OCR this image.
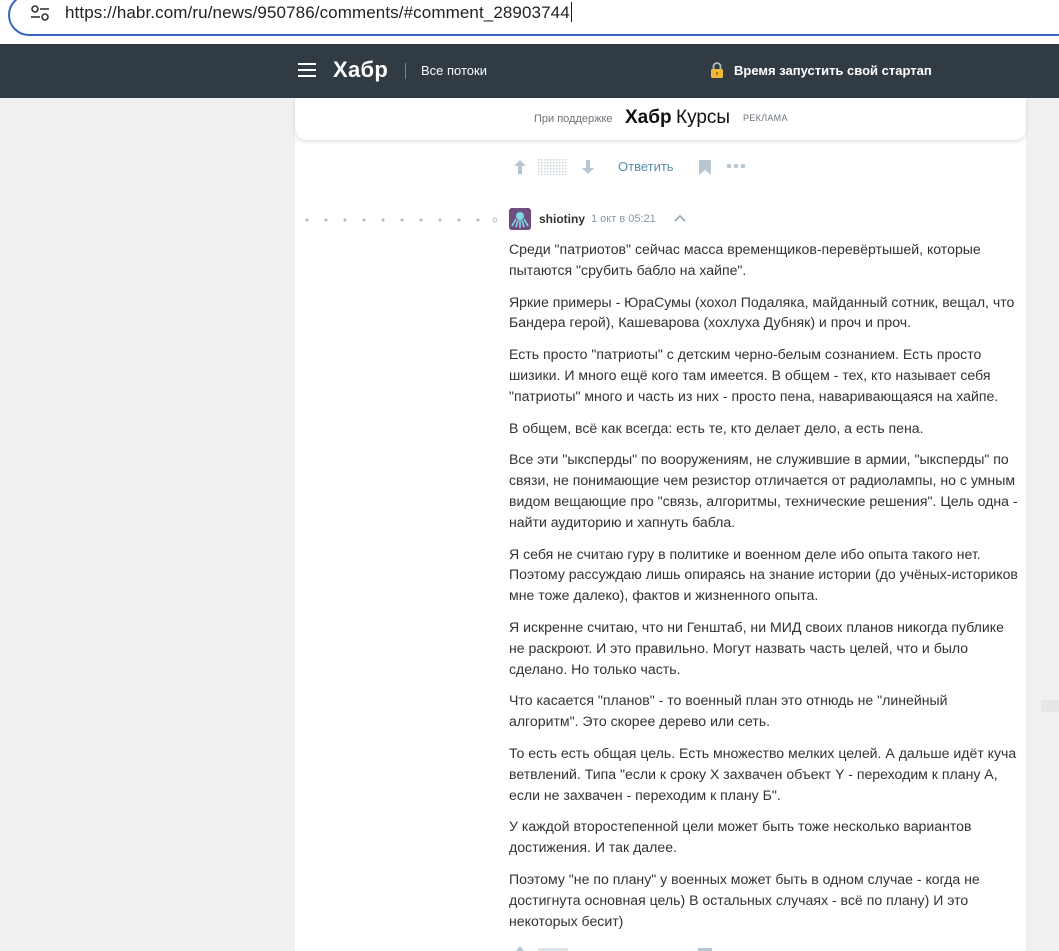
https://habr.com/ru/news/950786/comments/#comment_28903744
Хабр	Все потоки	Время запустить свой стартап
При поддержке Хабр Курсы РЕКЛАМА
Ответить
shiotiny 1 окт в 05:21

Среди "патриотов" сейчас масса временщиков-перевёртышей, которые пытаются "срубить бабло на хайпе".

Яркие примеры - ЮраСумы (хохол Подаляка, майданный сотник, вещал, что Бандера герой), Кашеварова (хохлуха Дубняк) и проч и проч.

Есть просто "патриоты" с детским черно-белым сознанием. Есть просто шизики. И много ещё кого там имеется. В общем - тех, кто называет себя "патриоты" много и часть из них - просто пена, наваривающаяся на хайпе.

В общем, всё как всегда: есть те, кто делает дело, а есть пена.

Все эти "ыксперды" по вооружениям, не служившие в армии, "ыксперды" по связи, не понимающие чем резистор отличается от радиолампы, но с умным видом вещающие про "связь, алгоритмы, технические решения". Цель одна - найти аудиторию и хапнуть бабла.

Я себя не считаю гуру в политике и военном деле ибо опыта такого нет. Поэтому рассуждаю лишь опираясь на знание истории (до учёных-историков мне тоже далеко), фактов и жизненного опыта.

Я искренне считаю, что ни Генштаб, ни МИД своих планов никогда публике не раскроют. И это правильно. Могут назвать часть целей, что и было сделано. Но только часть.

Что касается "планов" - то военный план это отнюдь не "линейный алгоритм". Это скорее дерево или сеть.

То есть есть общая цель. Есть множество мелких целей. А дальше идёт куча ветвлений. Типа "если к сроку X захвачен объект Y - переходим к плану А, если не захвачен - переходим к плану Б".

У каждой второстепенной цели может быть тоже несколько вариантов достижения. И так далее.

Поэтому "не по плану" у военных может быть в одном случае - когда не достигнута основная цель) В остальных случаях - всё по плану) И это некоторых бесит)
